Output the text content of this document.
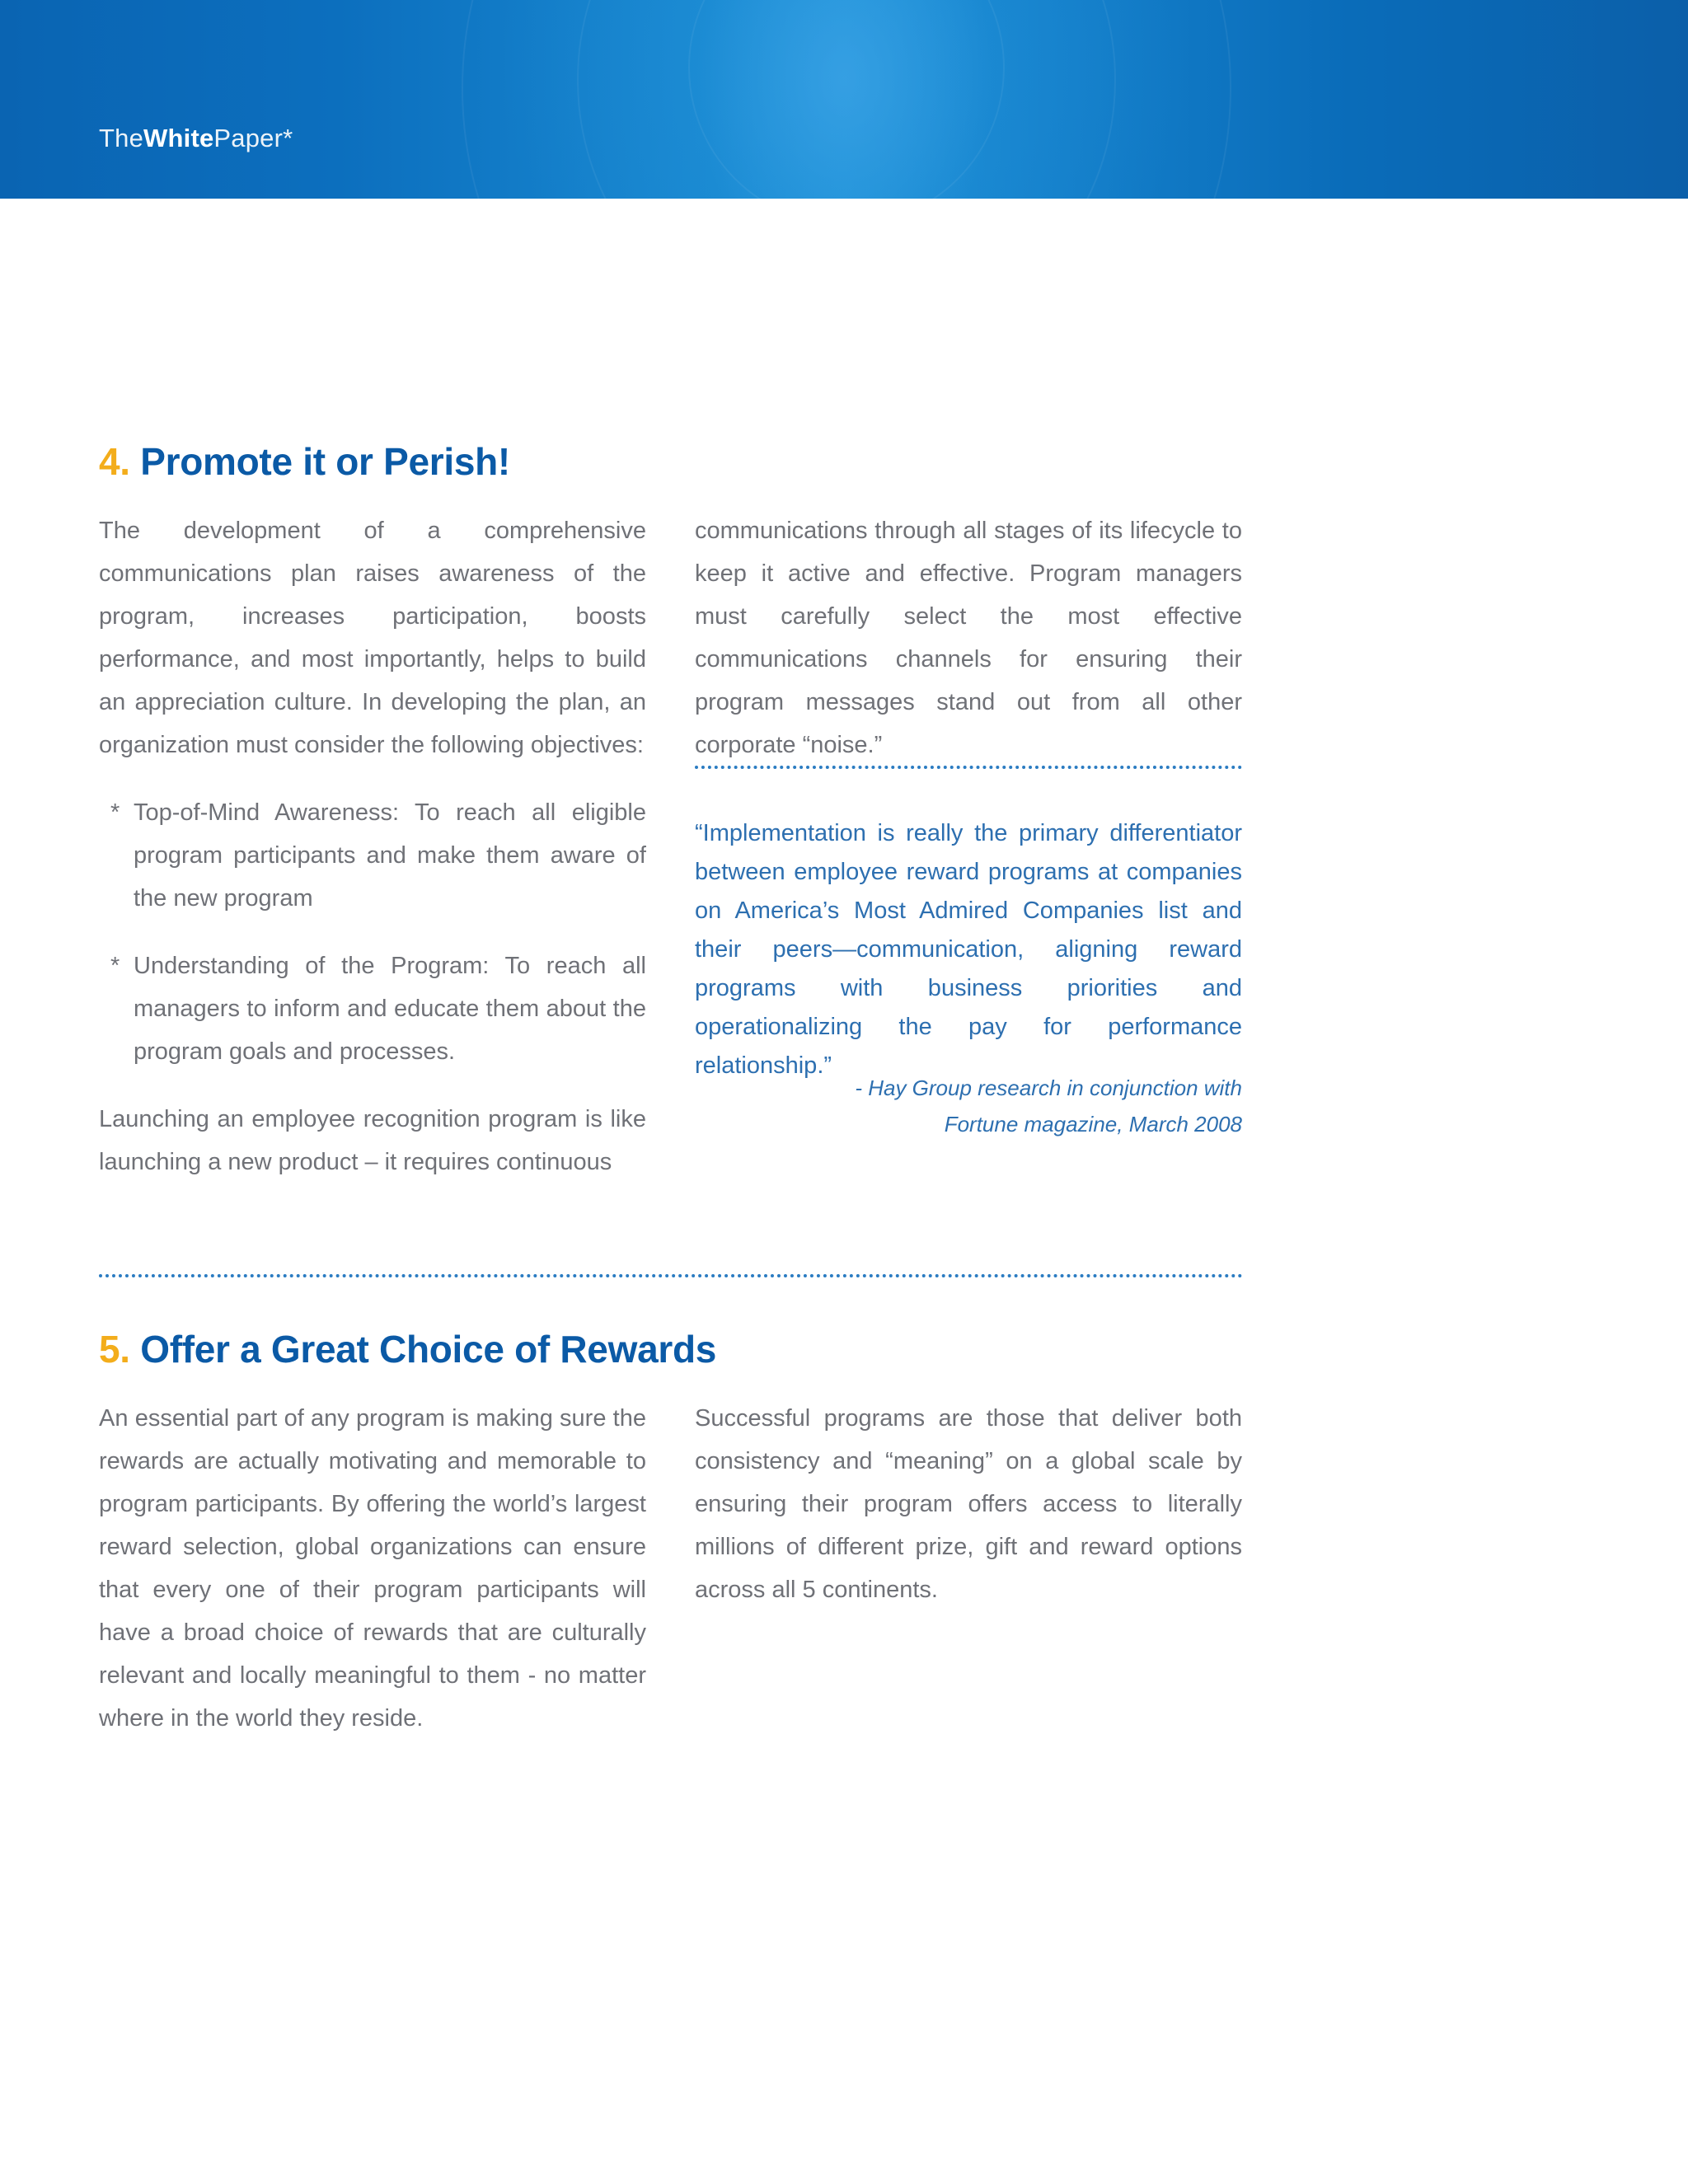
TheWhitePaper*
4. Promote it or Perish!

The development of a comprehensive communications plan raises awareness of the program, increases participation, boosts performance, and most importantly, helps to build an appreciation culture. In developing the plan, an organization must consider the following objectives:

* Top-of-Mind Awareness: To reach all eligible program participants and make them aware of the new program
* Understanding of the Program: To reach all managers to inform and educate them about the program goals and processes.

Launching an employee recognition program is like launching a new product – it requires continuous

communications through all stages of its lifecycle to keep it active and effective. Program managers must carefully select the most effective communications channels for ensuring their program messages stand out from all other corporate “noise.”

“Implementation is really the primary differentiator between employee reward programs at companies on America’s Most Admired Companies list and their peers—communication, aligning reward programs with business priorities and operationalizing the pay for performance relationship.”
- Hay Group research in conjunction with
Fortune magazine, March 2008
5. Offer a Great Choice of Rewards

An essential part of any program is making sure the rewards are actually motivating and memorable to program participants. By offering the world’s largest reward selection, global organizations can ensure that every one of their program participants will have a broad choice of rewards that are culturally relevant and locally meaningful to them - no matter where in the world they reside.

Successful programs are those that deliver both consistency and “meaning” on a global scale by ensuring their program offers access to literally millions of different prize, gift and reward options across all 5 continents.
